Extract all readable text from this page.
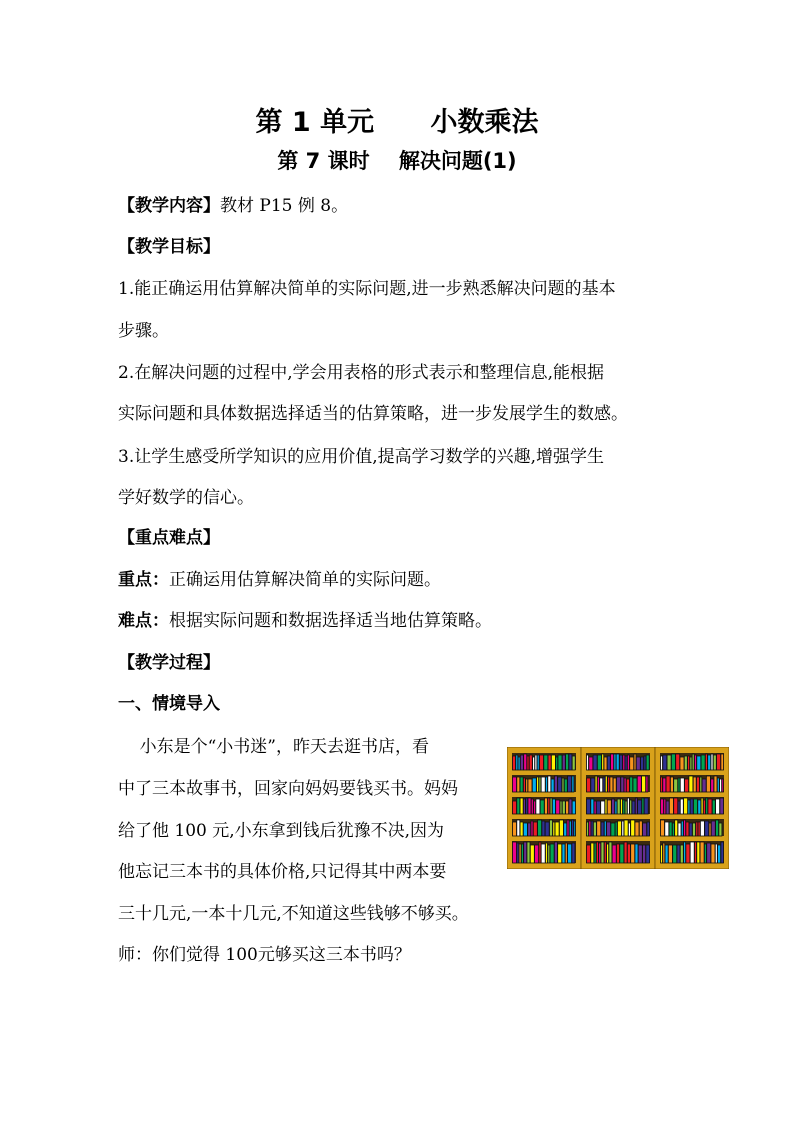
第 1 单元      小数乘法
第 7 课时    解决问题(1)
【教学内容】教材 P15 例 8。
【教学目标】
1.能正确运用估算解决简单的实际问题,进一步熟悉解决问题的基本
步骤。
2.在解决问题的过程中,学会用表格的形式表示和整理信息,能根据
实际问题和具体数据选择适当的估算策略，进一步发展学生的数感。
3.让学生感受所学知识的应用价值,提高学习数学的兴趣,增强学生
学好数学的信心。
【重点难点】
重点：正确运用估算解决简单的实际问题。
难点：根据实际问题和数据选择适当地估算策略。
【教学过程】
一、情境导入
小东是个“小书迷”，昨天去逛书店，看
中了三本故事书，回家向妈妈要钱买书。妈妈
给了他 100 元,小东拿到钱后犹豫不决,因为
他忘记三本书的具体价格,只记得其中两本要
三十几元,一本十几元,不知道这些钱够不够买。
师：你们觉得 100元够买这三本书吗？
